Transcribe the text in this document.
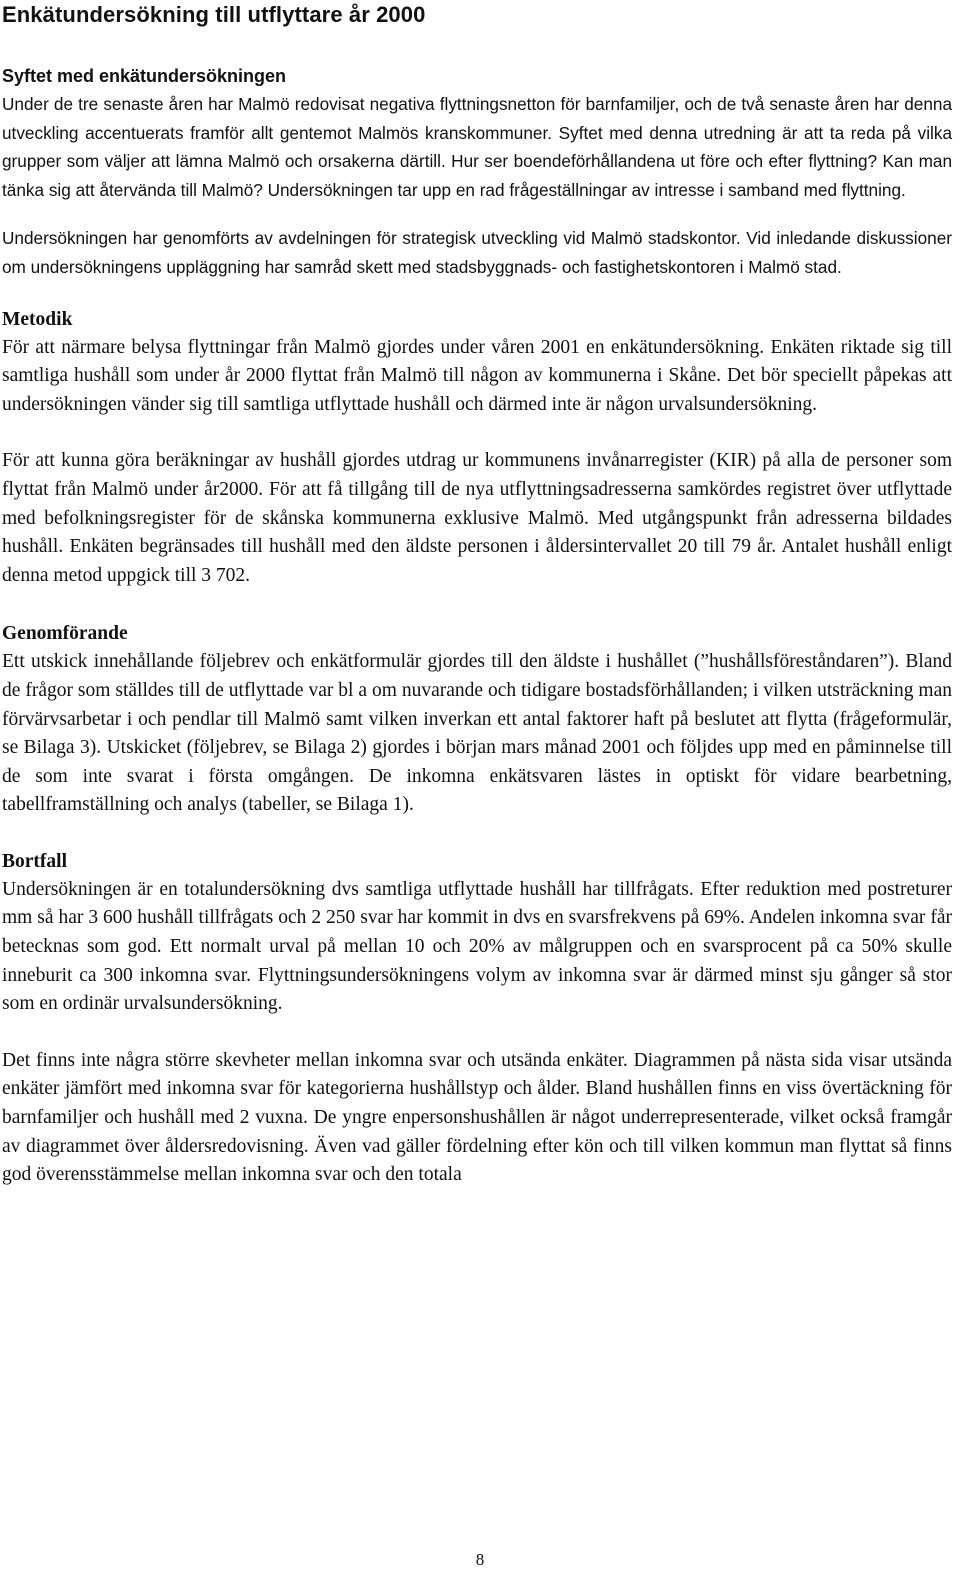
Enkätundersökning till utflyttare år 2000
Syftet med enkätundersökningen

Under de tre senaste åren har Malmö redovisat negativa flyttningsnetton för barnfamiljer, och de två senaste åren har denna utveckling accentuerats framför allt gentemot Malmös kranskommuner. Syftet med denna utredning är att ta reda på vilka grupper som väljer att lämna Malmö och orsakerna därtill. Hur ser boendeförhållandena ut före och efter flyttning? Kan man tänka sig att återvända till Malmö? Undersökningen tar upp en rad frågeställningar av intresse i samband med flyttning.

Undersökningen har genomförts av avdelningen för strategisk utveckling vid Malmö stadskontor. Vid inledande diskussioner om undersökningens uppläggning har samråd skett med stadsbyggnads- och fastighetskontoren i Malmö stad.

Metodik

För att närmare belysa flyttningar från Malmö gjordes under våren 2001 en enkätundersökning. Enkäten riktade sig till samtliga hushåll som under år 2000 flyttat från Malmö till någon av kommunerna i Skåne. Det bör speciellt påpekas att undersökningen vänder sig till samtliga utflyttade hushåll och därmed inte är någon urvalsundersökning.

För att kunna göra beräkningar av hushåll gjordes utdrag ur kommunens invånarregister (KIR) på alla de personer som flyttat från Malmö under år2000. För att få tillgång till de nya utflyttningsadresserna samkördes registret över utflyttade med befolkningsregister för de skånska kommunerna exklusive Malmö. Med utgångspunkt från adresserna bildades hushåll. Enkäten begränsades till hushåll med den äldste personen i åldersintervallet 20 till 79 år. Antalet hushåll enligt denna metod uppgick till 3 702.

Genomförande

Ett utskick innehållande följebrev och enkätformulär gjordes till den äldste i hushållet (”hushållsföreståndaren”). Bland de frågor som ställdes till de utflyttade var bl a om nuvarande och tidigare bostadsförhållanden; i vilken utsträckning man förvärvsarbetar i och pendlar till Malmö samt vilken inverkan ett antal faktorer haft på beslutet att flytta (frågeformulär, se Bilaga 3). Utskicket (följebrev, se Bilaga 2) gjordes i början mars månad 2001 och följdes upp med en påminnelse till de som inte svarat i första omgången. De inkomna enkätsvaren lästes in optiskt för vidare bearbetning, tabellframställning och analys (tabeller, se Bilaga 1).

Bortfall

Undersökningen är en totalundersökning dvs samtliga utflyttade hushåll har tillfrågats. Efter reduktion med postreturer mm så har 3 600 hushåll tillfrågats och 2 250 svar har kommit in dvs en svarsfrekvens på 69%. Andelen inkomna svar får betecknas som god. Ett normalt urval på mellan 10 och 20% av målgruppen och en svarsprocent på ca 50% skulle inneburit ca 300 inkomna svar. Flyttningsundersökningens volym av inkomna svar är därmed minst sju gånger så stor som en ordinär urvalsundersökning.

Det finns inte några större skevheter mellan inkomna svar och utsända enkäter. Diagrammen på nästa sida visar utsända enkäter jämfört med inkomna svar för kategorierna hushållstyp och ålder. Bland hushållen finns en viss övertäckning för barnfamiljer och hushåll med 2 vuxna. De yngre enpersonshushållen är något underrepresenterade, vilket också framgår av diagrammet över åldersredovisning. Även vad gäller fördelning efter kön och till vilken kommun man flyttat så finns god överensstämmelse mellan inkomna svar och den totala

8
